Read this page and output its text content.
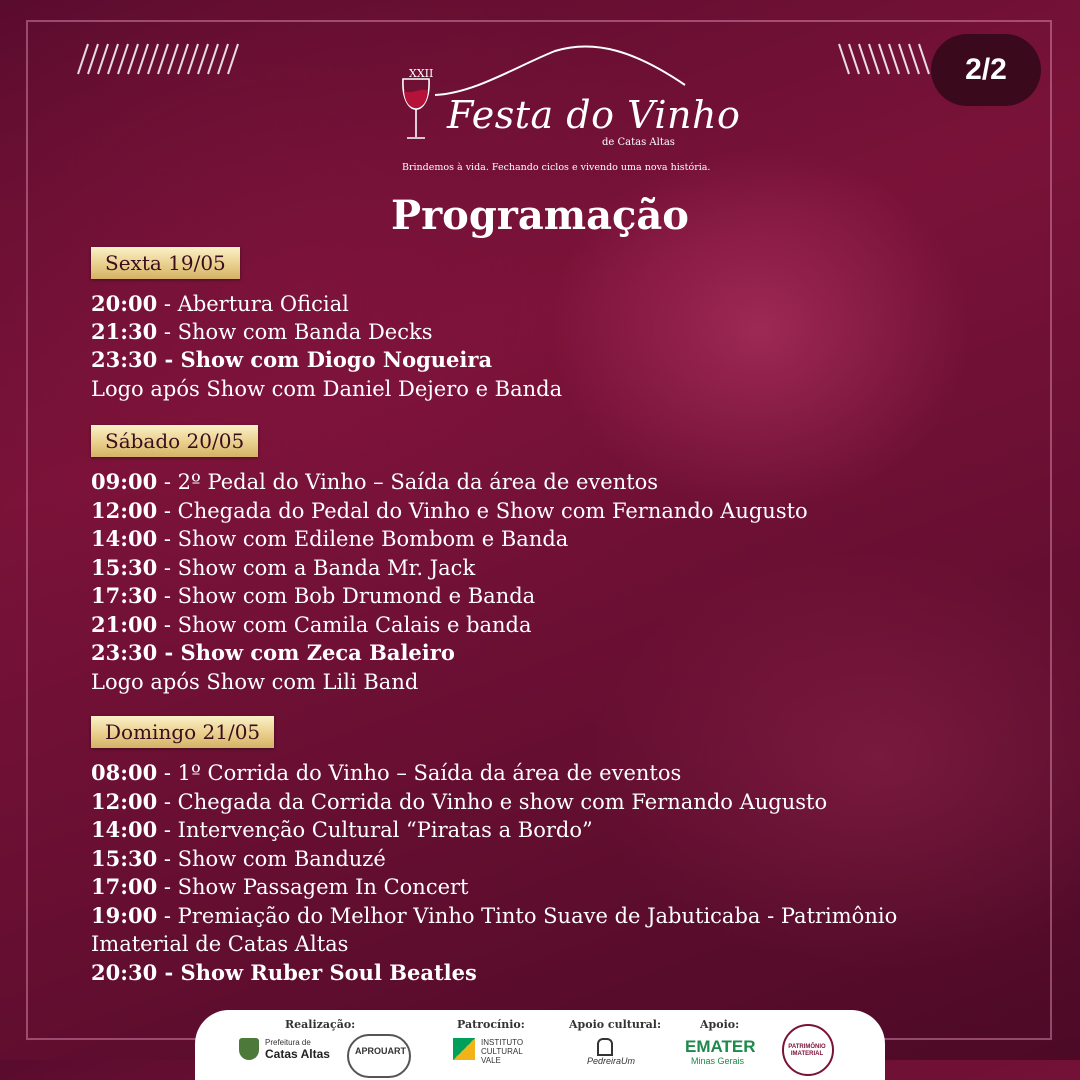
2/2
XXII
Festa do Vinho
de Catas Altas
Brindemos à vida. Fechando ciclos e vivendo uma nova história.
Programação
Sexta 19/05
20:00 - Abertura Oficial
21:30 - Show com Banda Decks
23:30 - Show com Diogo Nogueira
Logo após Show com Daniel Dejero e Banda
Sábado 20/05
09:00 - 2º Pedal do Vinho – Saída da área de eventos
12:00 - Chegada do Pedal do Vinho e Show com Fernando Augusto
14:00 - Show com Edilene Bombom e Banda
15:30 - Show com a Banda Mr. Jack
17:30 - Show com Bob Drumond e Banda
21:00 - Show com Camila Calais e banda
23:30 - Show com Zeca Baleiro
Logo após Show com Lili Band
Domingo 21/05
08:00 - 1º Corrida do Vinho – Saída da área de eventos
12:00 - Chegada da Corrida do Vinho e show com Fernando Augusto
14:00 - Intervenção Cultural “Piratas a Bordo”
15:30 - Show com Banduzé
17:00 - Show Passagem In Concert
19:00 - Premiação do Melhor Vinho Tinto Suave de Jabuticaba - Patrimônio
Imaterial de Catas Altas
20:30 - Show Ruber Soul Beatles
Realização:	Patrocínio:	Apoio cultural:	Apoio:
Prefeitura de
Catas Altas	APROUART
INSTITUTO CULTURAL VALE	PedreiraUm
EMATER
Minas Gerais
PATRIMÔNIO IMATERIAL
